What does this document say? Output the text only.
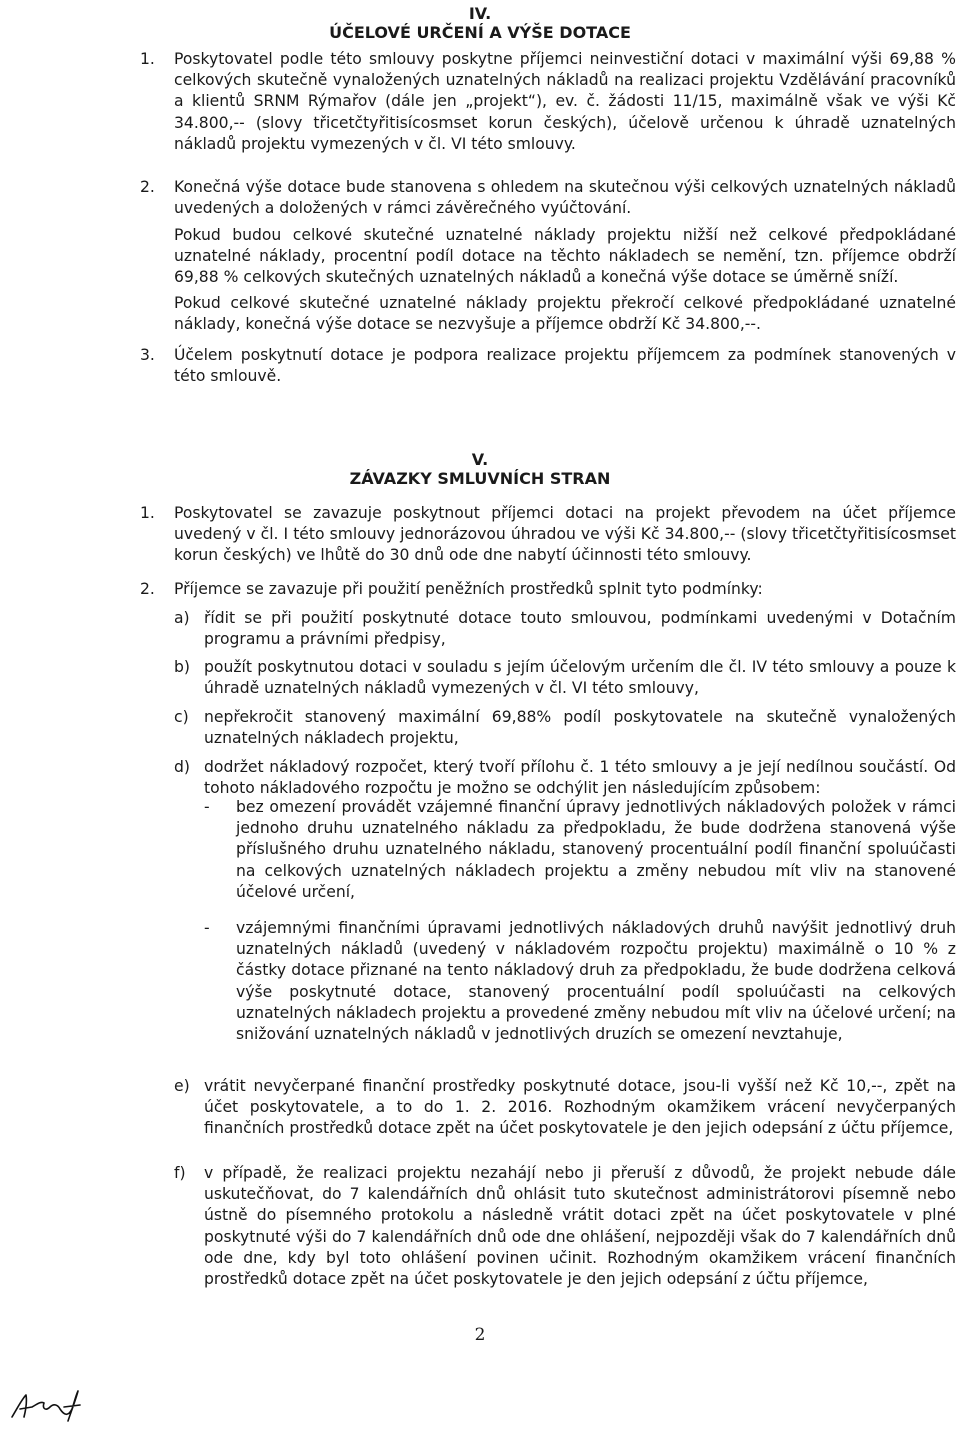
IV.
ÚČELOVÉ URČENÍ A VÝŠE DOTACE
1. Poskytovatel podle této smlouvy poskytne příjemci neinvestiční dotaci v maximální výši 69,88 % celkových skutečně vynaložených uznatelných nákladů na realizaci projektu Vzdělávání pracovníků a klientů SRNM Rýmařov (dále jen „projekt“), ev. č. žádosti 11/15, maximálně však ve výši Kč 34.800,-- (slovy třicetčtyřitisícosmset korun českých), účelově určenou k úhradě uznatelných nákladů projektu vymezených v čl. VI této smlouvy.

2. Konečná výše dotace bude stanovena s ohledem na skutečnou výši celkových uznatelných nákladů uvedených a doložených v rámci závěrečného vyúčtování.

Pokud budou celkové skutečné uznatelné náklady projektu nižší než celkové předpokládané uznatelné náklady, procentní podíl dotace na těchto nákladech se nemění, tzn. příjemce obdrží 69,88 % celkových skutečných uznatelných nákladů a konečná výše dotace se úměrně sníží.

Pokud celkové skutečné uznatelné náklady projektu překročí celkové předpokládané uznatelné náklady, konečná výše dotace se nezvyšuje a příjemce obdrží Kč 34.800,--.

3. Účelem poskytnutí dotace je podpora realizace projektu příjemcem za podmínek stanovených v této smlouvě.

V.
ZÁVAZKY SMLUVNÍCH STRAN
1. Poskytovatel se zavazuje poskytnout příjemci dotaci na projekt převodem na účet příjemce uvedený v čl. I této smlouvy jednorázovou úhradou ve výši Kč 34.800,-- (slovy třicetčtyřitisícosmset korun českých) ve lhůtě do 30 dnů ode dne nabytí účinnosti této smlouvy.

2. Příjemce se zavazuje při použití peněžních prostředků splnit tyto podmínky:

a) řídit se při použití poskytnuté dotace touto smlouvou, podmínkami uvedenými v Dotačním programu a právními předpisy,

b) použít poskytnutou dotaci v souladu s jejím účelovým určením dle čl. IV této smlouvy a pouze k úhradě uznatelných nákladů vymezených v čl. VI této smlouvy,

c) nepřekročit stanovený maximální 69,88% podíl poskytovatele na skutečně vynaložených uznatelných nákladech projektu,

d) dodržet nákladový rozpočet, který tvoří přílohu č. 1 této smlouvy a je její nedílnou součástí. Od tohoto nákladového rozpočtu je možno se odchýlit jen následujícím způsobem:

- bez omezení provádět vzájemné finanční úpravy jednotlivých nákladových položek v rámci jednoho druhu uznatelného nákladu za předpokladu, že bude dodržena stanovená výše příslušného druhu uznatelného nákladu, stanovený procentuální podíl finanční spoluúčasti na celkových uznatelných nákladech projektu a změny nebudou mít vliv na stanovené účelové určení,

- vzájemnými finančními úpravami jednotlivých nákladových druhů navýšit jednotlivý druh uznatelných nákladů (uvedený v nákladovém rozpočtu projektu) maximálně o 10 % z částky dotace přiznané na tento nákladový druh za předpokladu, že bude dodržena celková výše poskytnuté dotace, stanovený procentuální podíl spoluúčasti na celkových uznatelných nákladech projektu a provedené změny nebudou mít vliv na účelové určení; na snižování uznatelných nákladů v jednotlivých druzích se omezení nevztahuje,

e) vrátit nevyčerpané finanční prostředky poskytnuté dotace, jsou-li vyšší než Kč 10,--, zpět na účet poskytovatele, a to do 1. 2. 2016. Rozhodným okamžikem vrácení nevyčerpaných finančních prostředků dotace zpět na účet poskytovatele je den jejich odepsání z účtu příjemce,

f) v případě, že realizaci projektu nezahájí nebo ji přeruší z důvodů, že projekt nebude dále uskutečňovat, do 7 kalendářních dnů ohlásit tuto skutečnost administrátorovi písemně nebo ústně do písemného protokolu a následně vrátit dotaci zpět na účet poskytovatele v plné poskytnuté výši do 7 kalendářních dnů ode dne ohlášení, nejpozději však do 7 kalendářních dnů ode dne, kdy byl toto ohlášení povinen učinit. Rozhodným okamžikem vrácení finančních prostředků dotace zpět na účet poskytovatele je den jejich odepsání z účtu příjemce,

2
